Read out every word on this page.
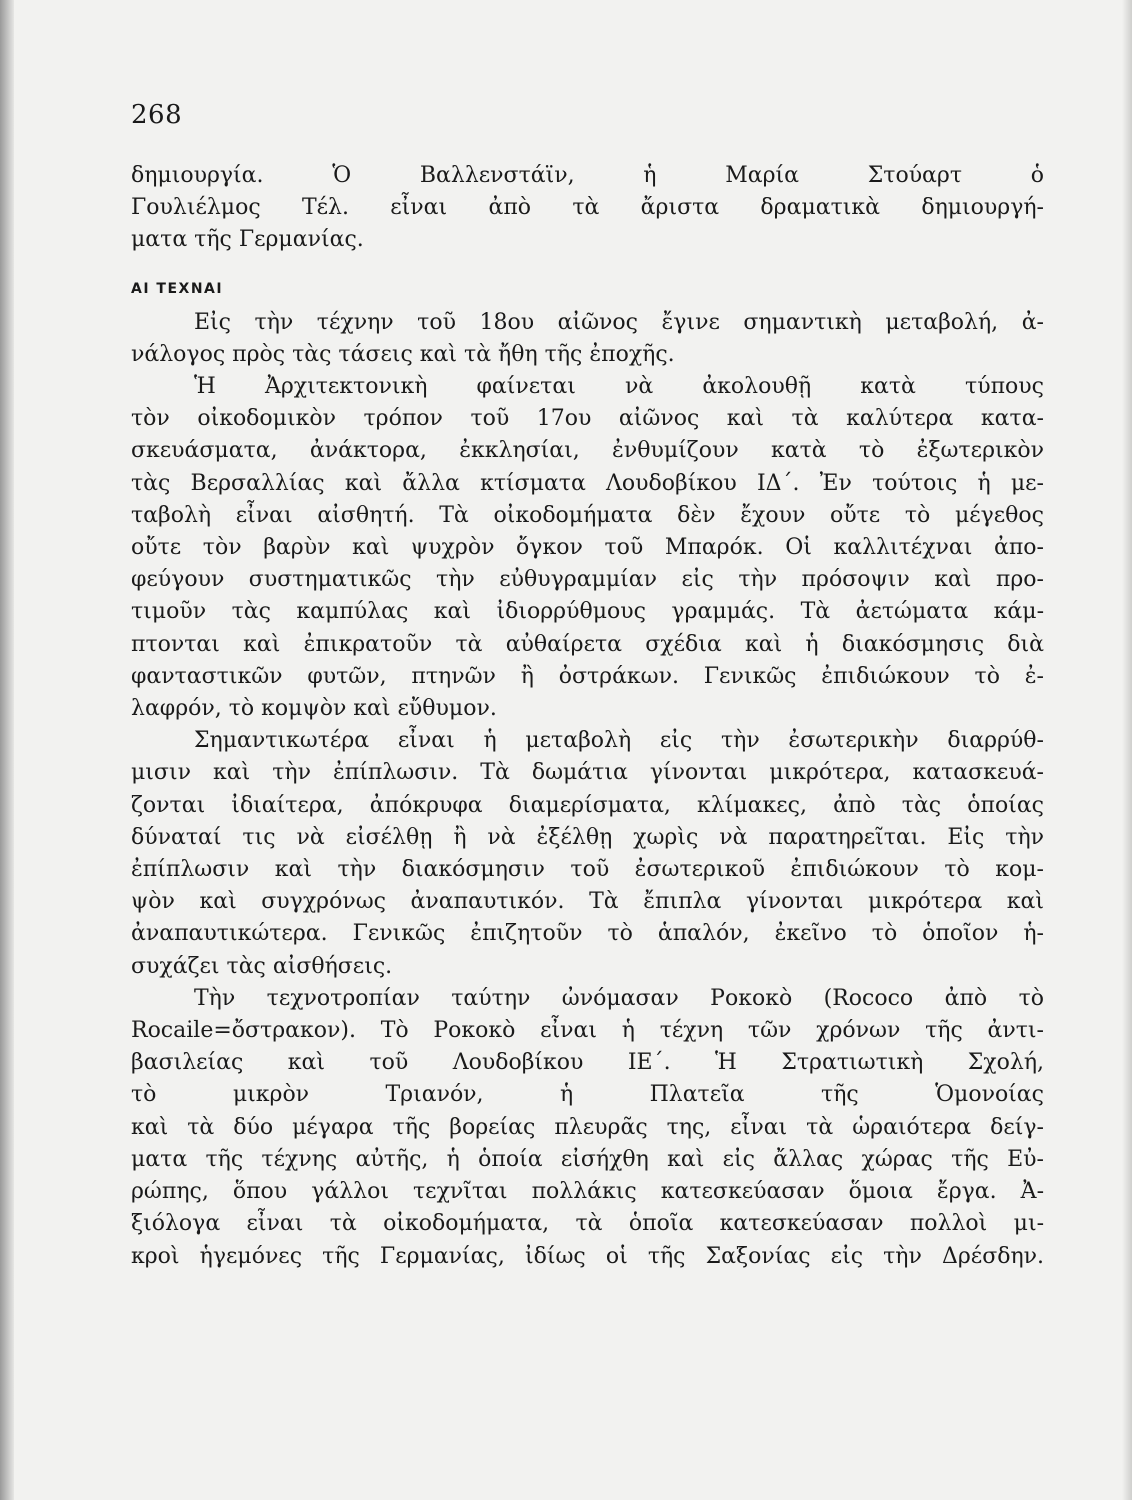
268
δημιουργία. Ὁ Βαλλενστάϊν, ἡ Μαρία Στούαρτ ὁ
Γουλιέλμος Τέλ. εἶναι ἀπὸ τὰ ἄριστα δραματικὰ δημιουργή-
ματα τῆς Γερμανίας.
ΑΙ ΤΕΧΝΑΙ
Εἰς τὴν τέχνην τοῦ 18ου αἰῶνος ἔγινε σημαντικὴ μεταβολή, ἀ-
νάλογος πρὸς τὰς τάσεις καὶ τὰ ἤθη τῆς ἐποχῆς.
Ἡ Ἀρχιτεκτονικὴ φαίνεται νὰ ἀκολουθῇ κατὰ τύπους
τὸν οἰκοδομικὸν τρόπον τοῦ 17ου αἰῶνος καὶ τὰ καλύτερα κατα-
σκευάσματα, ἀνάκτορα, ἐκκλησίαι, ἐνθυμίζουν κατὰ τὸ ἐξωτερικὸν
τὰς Βερσαλλίας καὶ ἄλλα κτίσματα Λουδοβίκου ΙΔ΄. Ἐν τούτοις ἡ με-
ταβολὴ εἶναι αἰσθητή. Τὰ οἰκοδομήματα δὲν ἔχουν οὔτε τὸ μέγεθος
οὔτε τὸν βαρὺν καὶ ψυχρὸν ὄγκον τοῦ Μπαρόκ. Οἱ καλλιτέχναι ἀπο-
φεύγουν συστηματικῶς τὴν εὐθυγραμμίαν εἰς τὴν πρόσοψιν καὶ προ-
τιμοῦν τὰς καμπύλας καὶ ἰδιορρύθμους γραμμάς. Τὰ ἀετώματα κάμ-
πτονται καὶ ἐπικρατοῦν τὰ αὐθαίρετα σχέδια καὶ ἡ διακόσμησις διὰ
φανταστικῶν φυτῶν, πτηνῶν ἢ ὀστράκων. Γενικῶς ἐπιδιώκουν τὸ ἐ-
λαφρόν, τὸ κομψὸν καὶ εὔθυμον.
Σημαντικωτέρα εἶναι ἡ μεταβολὴ εἰς τὴν ἐσωτερικὴν διαρρύθ-
μισιν καὶ τὴν ἐπίπλωσιν. Τὰ δωμάτια γίνονται μικρότερα, κατασκευά-
ζονται ἰδιαίτερα, ἀπόκρυφα διαμερίσματα, κλίμακες, ἀπὸ τὰς ὁποίας
δύναταί τις νὰ εἰσέλθῃ ἢ νὰ ἐξέλθῃ χωρὶς νὰ παρατηρεῖται. Εἰς τὴν
ἐπίπλωσιν καὶ τὴν διακόσμησιν τοῦ ἐσωτερικοῦ ἐπιδιώκουν τὸ κομ-
ψὸν καὶ συγχρόνως ἀναπαυτικόν. Τὰ ἔπιπλα γίνονται μικρότερα καὶ
ἀναπαυτικώτερα. Γενικῶς ἐπιζητοῦν τὸ ἁπαλόν, ἐκεῖνο τὸ ὁποῖον ἡ-
συχάζει τὰς αἰσθήσεις.
Τὴν τεχνοτροπίαν ταύτην ὠνόμασαν Ροκοκὸ (Rococo ἀπὸ τὸ
Rocaile=ὄστρακον). Τὸ Ροκοκὸ εἶναι ἡ τέχνη τῶν χρόνων τῆς ἀντι-
βασιλείας καὶ τοῦ Λουδοβίκου ΙΕ΄. Ἡ Στρατιωτικὴ Σχολή,
τὸ μικρὸν Τριανόν, ἡ Πλατεῖα τῆς Ὁμονοίας
καὶ τὰ δύο μέγαρα τῆς βορείας πλευρᾶς της, εἶναι τὰ ὡραιότερα δείγ-
ματα τῆς τέχνης αὐτῆς, ἡ ὁποία εἰσήχθη καὶ εἰς ἄλλας χώρας τῆς Εὐ-
ρώπης, ὅπου γάλλοι τεχνῖται πολλάκις κατεσκεύασαν ὅμοια ἔργα. Ἀ-
ξιόλογα εἶναι τὰ οἰκοδομήματα, τὰ ὁποῖα κατεσκεύασαν πολλοὶ μι-
κροὶ ἡγεμόνες τῆς Γερμανίας, ἰδίως οἱ τῆς Σαξονίας εἰς τὴν Δρέσδην.
